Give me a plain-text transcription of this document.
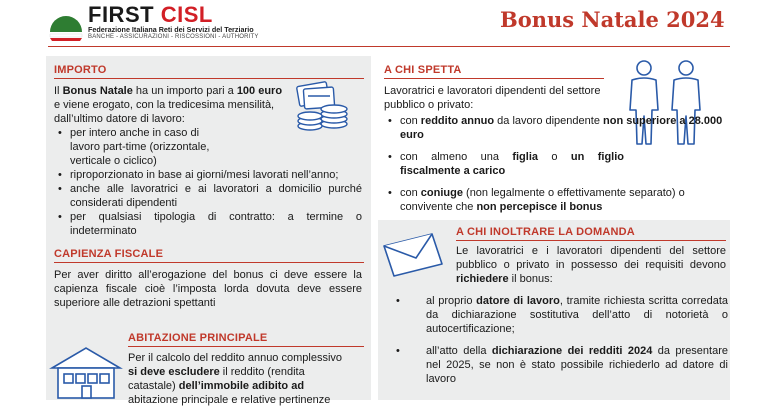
FIRST CISL
Federazione Italiana Reti dei Servizi del Terziario
BANCHE - ASSICURAZIONI - RISCOSSIONI - AUTHORITY
Bonus Natale 2024
IMPORTO
Il Bonus Natale ha un importo pari a 100 euro
e viene erogato, con la tredicesima mensilità,
dall’ultimo datore di lavoro:
• per intero anche in caso di lavoro part-time (orizzontale, verticale o ciclico)
• riproporzionato in base ai giorni/mesi lavorati nell’anno;
• anche alle lavoratrici e ai lavoratori a domicilio purché considerati dipendenti
• per qualsiasi tipologia di contratto: a termine o indeterminato
CAPIENZA FISCALE
Per aver diritto all’erogazione del bonus ci deve essere la capienza fiscale cioè l’imposta lorda dovuta deve essere superiore alle detrazioni spettanti
ABITAZIONE PRINCIPALE
Per il calcolo del reddito annuo complessivo
si deve escludere il reddito (rendita
catastale) dell’immobile adibito ad
abitazione principale e relative pertinenze
A CHI SPETTA
Lavoratrici e lavoratori dipendenti del settore pubblico o privato:
• con reddito annuo da lavoro dipendente non superiore a 28.000 euro
• con almeno una figlia o un figlio fiscalmente a carico
• con coniuge (non legalmente o effettivamente separato) o convivente che non percepisce il bonus
A CHI INOLTRARE LA DOMANDA
Le lavoratrici e i lavoratori dipendenti del settore pubblico o privato in possesso dei requisiti devono richiedere il bonus:
• al proprio datore di lavoro, tramite richiesta scritta corredata da dichiarazione sostitutiva dell’atto di notorietà o autocertificazione;
• all’atto della dichiarazione dei redditi 2024 da presentare nel 2025, se non è stato possibile richiederlo ad datore di lavoro
